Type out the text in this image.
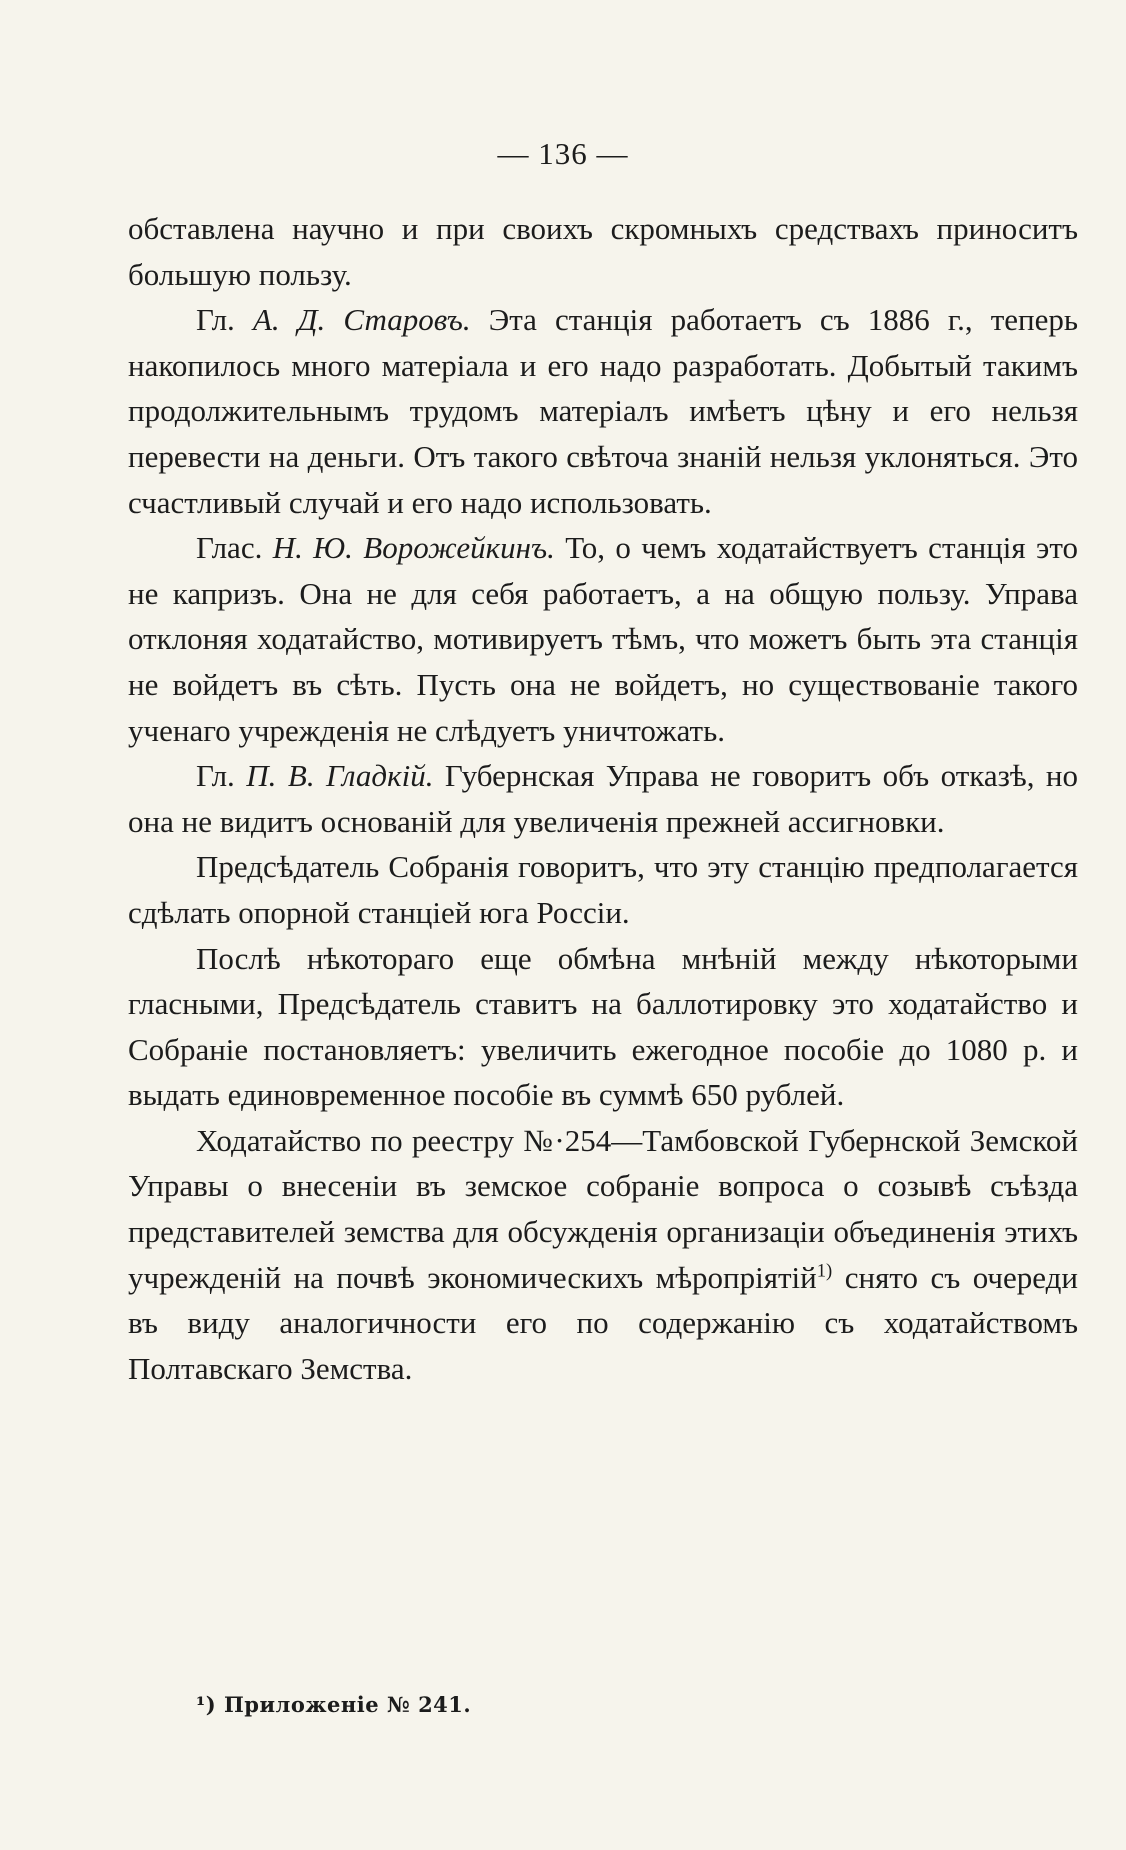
— 136 —

обставлена научно и при своихъ скромныхъ средствахъ приноситъ большую пользу.

Гл. А. Д. Старовъ. Эта станція работаетъ съ 1886 г., теперь накопилось много матеріала и его надо разработать. Добытый такимъ продолжительнымъ трудомъ матеріалъ имѣетъ цѣну и его нельзя перевести на деньги. Отъ такого свѣточа знаній нельзя уклоняться. Это счастливый случай и его надо использовать.

Глас. Н. Ю. Ворожейкинъ. То, о чемъ ходатайствуетъ станція это не капризъ. Она не для себя работаетъ, а на общую пользу. Управа отклоняя ходатайство, мотивируетъ тѣмъ, что можетъ быть эта станція не войдетъ въ сѣть. Пусть она не войдетъ, но существованіе такого ученаго учрежденія не слѣдуетъ уничтожать.

Гл. П. В. Гладкій. Губернская Управа не говоритъ объ отказѣ, но она не видитъ основаній для увеличенія прежней ассигновки.

Предсѣдатель Собранія говоритъ, что эту станцію предполагается сдѣлать опорной станціей юга Россіи.

Послѣ нѣкотораго еще обмѣна мнѣній между нѣкоторыми гласными, Предсѣдатель ставитъ на баллотировку это ходатайство и Собраніе постановляетъ: увеличить ежегодное пособіе до 1080 р. и выдать единовременное пособіе въ суммѣ 650 рублей.

Ходатайство по реестру №·254—Тамбовской Губернской Земской Управы о внесеніи въ земское собраніе вопроса о созывѣ съѣзда представителей земства для обсужденія организаціи объединенія этихъ учрежденій на почвѣ экономическихъ мѣропріятій$^{1)}$ снято съ очереди въ виду аналогичности его по содержанію съ ходатайствомъ Полтавскаго Земства.

¹) Приложеніе № 241.
